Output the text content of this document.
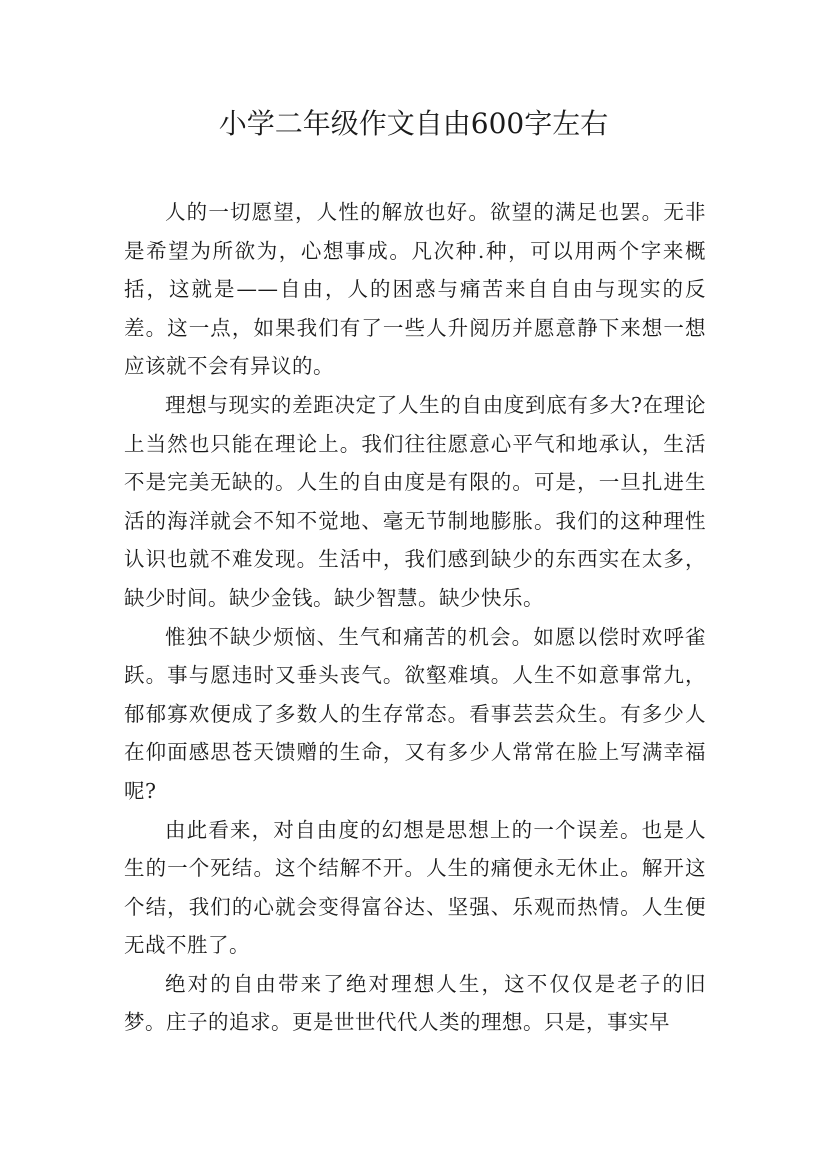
小学二年级作文自由600字左右

人的一切愿望，人性的解放也好。欲望的满足也罢。无非是希望为所欲为，心想事成。凡次种.种，可以用两个字来概括，这就是——自由，人的困惑与痛苦来自自由与现实的反差。这一点，如果我们有了一些人升阅历并愿意静下来想一想应该就不会有异议的。

理想与现实的差距决定了人生的自由度到底有多大?在理论上当然也只能在理论上。我们往往愿意心平气和地承认，生活不是完美无缺的。人生的自由度是有限的。可是，一旦扎进生活的海洋就会不知不觉地、毫无节制地膨胀。我们的这种理性认识也就不难发现。生活中，我们感到缺少的东西实在太多，缺少时间。缺少金钱。缺少智慧。缺少快乐。

惟独不缺少烦恼、生气和痛苦的机会。如愿以偿时欢呼雀跃。事与愿违时又垂头丧气。欲壑难填。人生不如意事常九，郁郁寡欢便成了多数人的生存常态。看事芸芸众生。有多少人在仰面感思苍天馈赠的生命，又有多少人常常在脸上写满幸福呢?

由此看来，对自由度的幻想是思想上的一个误差。也是人生的一个死结。这个结解不开。人生的痛便永无休止。解开这个结，我们的心就会变得富谷达、坚强、乐观而热情。人生便无战不胜了。

绝对的自由带来了绝对理想人生，这不仅仅是老子的旧梦。庄子的追求。更是世世代代人类的理想。只是，事实早
